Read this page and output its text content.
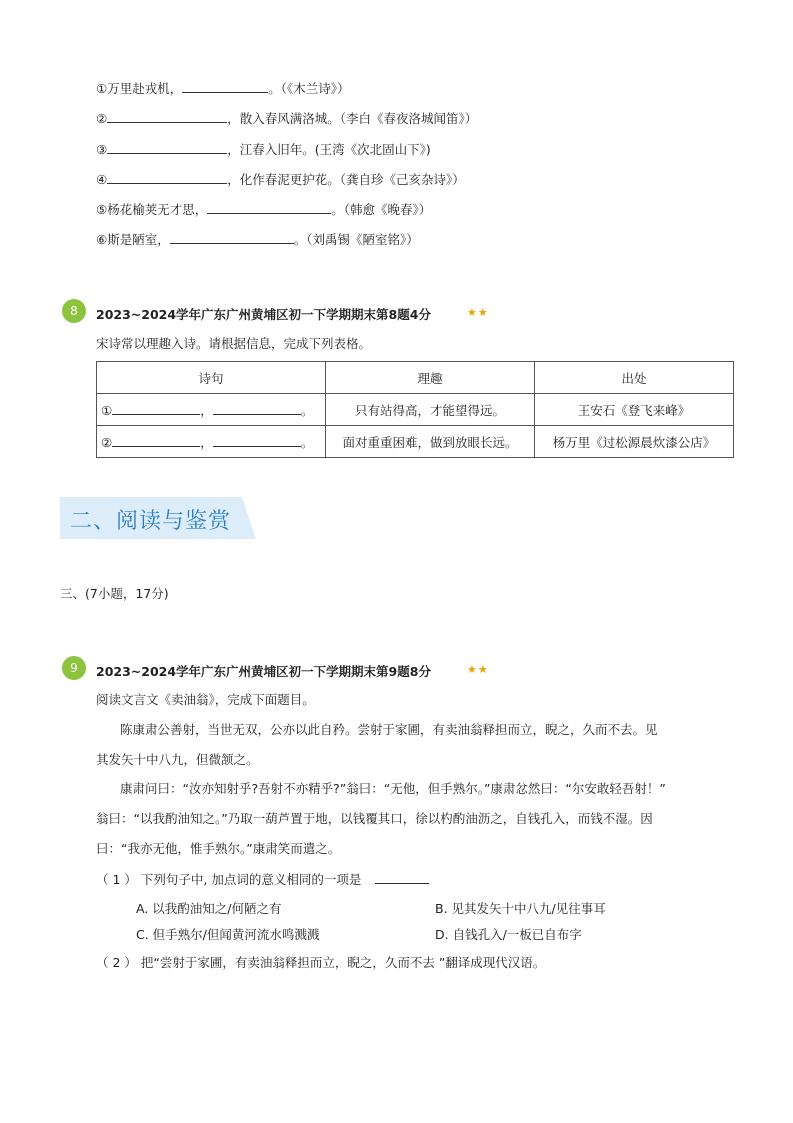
①万里赴戎机，	。（《木兰诗》）
②	，散入春风满洛城。（李白《春夜洛城闻笛》）
③	，江春入旧年。(王湾《次北固山下》)
④	，化作春泥更护花。（龚自珍《己亥杂诗》）
⑤杨花榆荚无才思，	。（韩愈《晚春》）
⑥斯是陋室，	。（刘禹锡《陋室铭》）
8	2023~2024学年广东广州黄埔区初一下学期期末第8题4分	★★
宋诗常以理趣入诗。请根据信息，完成下列表格。
诗句	理趣	出处
① ， 。	只有站得高，才能望得远。	王安石《登飞来峰》
② ， 。	面对重重困难，做到放眼长远。	杨万里《过松源晨炊漆公店》
二、阅读与鉴赏
三、(7小题，17分)
9	2023~2024学年广东广州黄埔区初一下学期期末第9题8分	★★
阅读文言文《卖油翁》，完成下面题目。
陈康肃公善射，当世无双，公亦以此自矜。尝射于家圃，有卖油翁释担而立，睨之，久而不去。见
其发矢十中八九，但微颔之。
康肃问曰：“汝亦知射乎?吾射不亦精乎?”翁曰：“无他，但手熟尔。”康肃忿然曰：“尔安敢轻吾射！”
翁曰：“以我酌油知之。”乃取一葫芦置于地，以钱覆其口，徐以杓酌油沥之，自钱孔入，而钱不湿。因
曰：“我亦无他，惟手熟尔。”康肃笑而遣之。
（ 1 ） 下列句子中, 加点词的意义相同的一项是
A. 以我酌油知之/何陋之有	B. 见其发矢十中八九/见往事耳
C. 但手熟尔/但闻黄河流水鸣溅溅	D. 自钱孔入/一板已自布字
（ 2 ） 把“尝射于家圃，有卖油翁释担而立，睨之，久而不去 ”翻译成现代汉语。
